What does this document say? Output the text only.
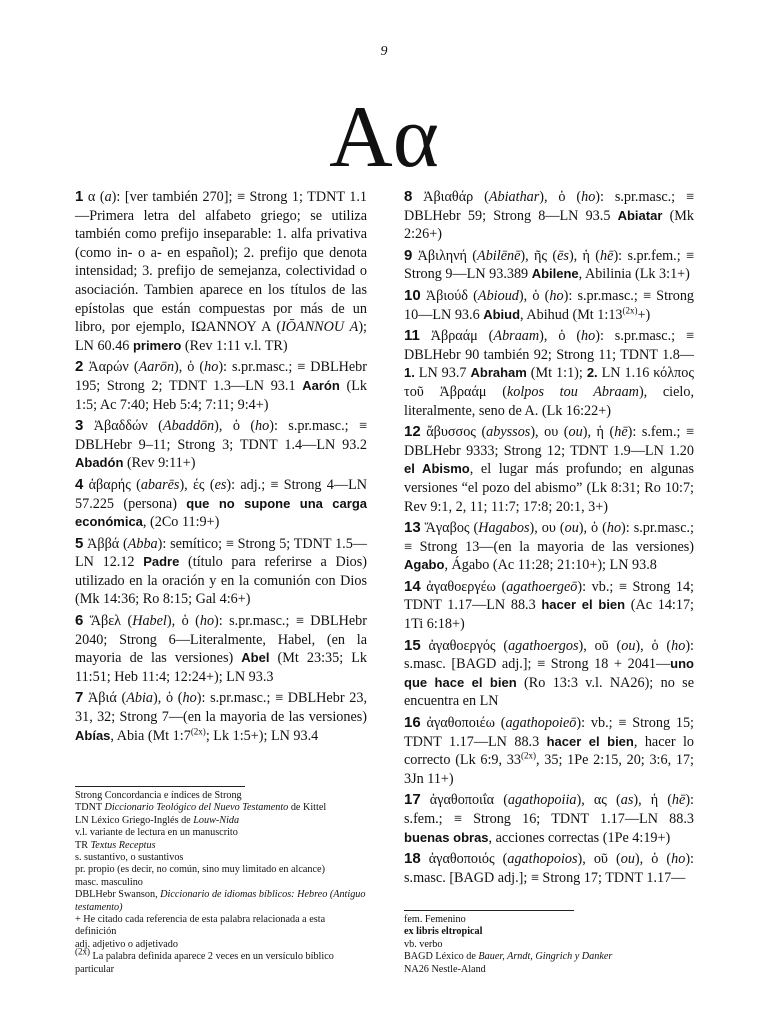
9
Αα
1 α (a): [ver también 270]; ≡ Strong 1; TDNT 1.1—Primera letra del alfabeto griego; se utiliza también como prefijo inseparable: 1. alfa privativa (como in- o a- en español); 2. prefijo que denota intensidad; 3. prefijo de semejanza, colectividad o asociación. Tambien aparece en los títulos de las epístolas que están compuestas por más de un libro, por ejemplo, ΙΩΑΝΝΟΥ Α (IŌANNOU A); LN 60.46 primero (Rev 1:11 v.l. TR)
2 Ἀαρών (Aarōn), ὁ (ho): s.pr.masc.; ≡ DBLHebr 195; Strong 2; TDNT 1.3—LN 93.1 Aarón (Lk 1:5; Ac 7:40; Heb 5:4; 7:11; 9:4+)
3 Ἀβαδδών (Abaddōn), ὁ (ho): s.pr.masc.; ≡ DBLHebr 9–11; Strong 3; TDNT 1.4—LN 93.2 Abadón (Rev 9:11+)
4 ἀβαρής (abarēs), ές (es): adj.; ≡ Strong 4—LN 57.225 (persona) que no supone una carga económica, (2Co 11:9+)
5 Ἀββά (Abba): semítico; ≡ Strong 5; TDNT 1.5—LN 12.12 Padre (título para referirse a Dios) utilizado en la oración y en la comunión con Dios (Mk 14:36; Ro 8:15; Gal 4:6+)
6 Ἅβελ (Habel), ὁ (ho): s.pr.masc.; ≡ DBLHebr 2040; Strong 6—Literalmente, Habel, (en la mayoria de las versiones) Abel (Mt 23:35; Lk 11:51; Heb 11:4; 12:24+); LN 93.3
7 Ἀβιά (Abia), ὁ (ho): s.pr.masc.; ≡ DBLHebr 23, 31, 32; Strong 7—(en la mayoria de las versiones) Abías, Abia (Mt $1:7^{(2x)}$; Lk 1:5+); LN 93.4
8 Ἀβιαθάρ (Abiathar), ὁ (ho): s.pr.masc.; ≡ DBLHebr 59; Strong 8—LN 93.5 Abiatar (Mk 2:26+)
9 Ἀβιληνή (Abilēnē), ῆς (ēs), ἡ (hē): s.pr.fem.; ≡ Strong 9—LN 93.389 Abilene, Abilinia (Lk 3:1+)
10 Ἀβιούδ (Abioud), ὁ (ho): s.pr.masc.; ≡ Strong 10—LN 93.6 Abiud, Abihud (Mt $1:13^{(2x)}+$)
11 Ἀβραάμ (Abraam), ὁ (ho): s.pr.masc.; ≡ DBLHebr 90 también 92; Strong 11; TDNT 1.8—1. LN 93.7 Abraham (Mt 1:1); 2. LN 1.16 κόλπος τοῦ Ἀβραάμ (kolpos tou Abraam), cielo, literalmente, seno de A. (Lk 16:22+)
12 ἄβυσσος (abyssos), ου (ou), ἡ (hē): s.fem.; ≡ DBLHebr 9333; Strong 12; TDNT 1.9—LN 1.20 el Abismo, el lugar más profundo; en algunas versiones “el pozo del abismo” (Lk 8:31; Ro 10:7; Rev 9:1, 2, 11; 11:7; 17:8; 20:1, 3+)
13 Ἅγαβος (Hagabos), ου (ou), ὁ (ho): s.pr.masc.; ≡ Strong 13—(en la mayoria de las versiones) Agabo, Ágabo (Ac 11:28; 21:10+); LN 93.8
14 ἀγαθοεργέω (agathoergeō): vb.; ≡ Strong 14; TDNT 1.17—LN 88.3 hacer el bien (Ac 14:17; 1Ti 6:18+)
15 ἀγαθοεργός (agathoergos), οῦ (ou), ὁ (ho): s.masc. [BAGD adj.]; ≡ Strong 18 + 2041—uno que hace el bien (Ro 13:3 v.l. NA26); no se encuentra en LN
16 ἀγαθοποιέω (agathopoieō): vb.; ≡ Strong 15; TDNT 1.17—LN 88.3 hacer el bien, hacer lo correcto (Lk 6:9, $33^{(2x)}$, 35; 1Pe 2:15, 20; 3:6, 17; 3Jn 11+)
17 ἀγαθοποιΐα (agathopoiia), ας (as), ἡ (hē): s.fem.; ≡ Strong 16; TDNT 1.17—LN 88.3 buenas obras, acciones correctas (1Pe 4:19+)
18 ἀγαθοποιός (agathopoios), οῦ (ou), ὁ (ho): s.masc. [BAGD adj.]; ≡ Strong 17; TDNT 1.17—
Strong Concordancia e índices de Strong
TDNT Diccionario Teológico del Nuevo Testamento de Kittel
LN Léxico Griego-Inglés de Louw-Nida
v.l. variante de lectura en un manuscrito
TR Textus Receptus
s. sustantivo, o sustantivos
pr. propio (es decir, no común, sino muy limitado en alcance)
masc. masculino
DBLHebr Swanson, Diccionario de idiomas bíblicos: Hebreo (Antiguo testamento)
+ He citado cada referencia de esta palabra relacionada a esta definición
adj. adjetivo o adjetivado
$^{(2x)}$ La palabra definida aparece 2 veces en un versículo bíblico particular
fem. Femenino
ex libris eltropical
vb. verbo
BAGD Léxico de Bauer, Arndt, Gingrich y Danker
NA26 Nestle-Aland
